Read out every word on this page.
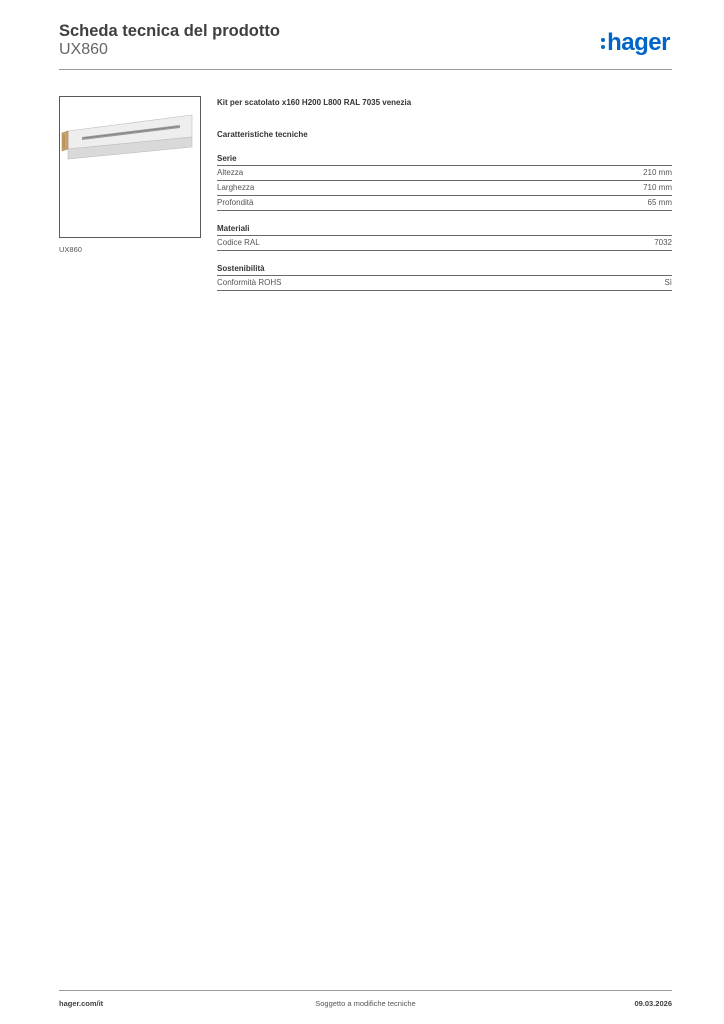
Scheda tecnica del prodotto
UX860	hager
UX860
Kit per scatolato x160 H200 L800 RAL 7035 venezia
Caratteristiche tecniche
Serie
Altezza	210 mm
Larghezza	710 mm
Profondità	65 mm
Materiali
Codice RAL	7032
Sostenibilità
Conformità ROHS	Sì
hager.com/it	Soggetto a modifiche tecniche	09.03.2026
